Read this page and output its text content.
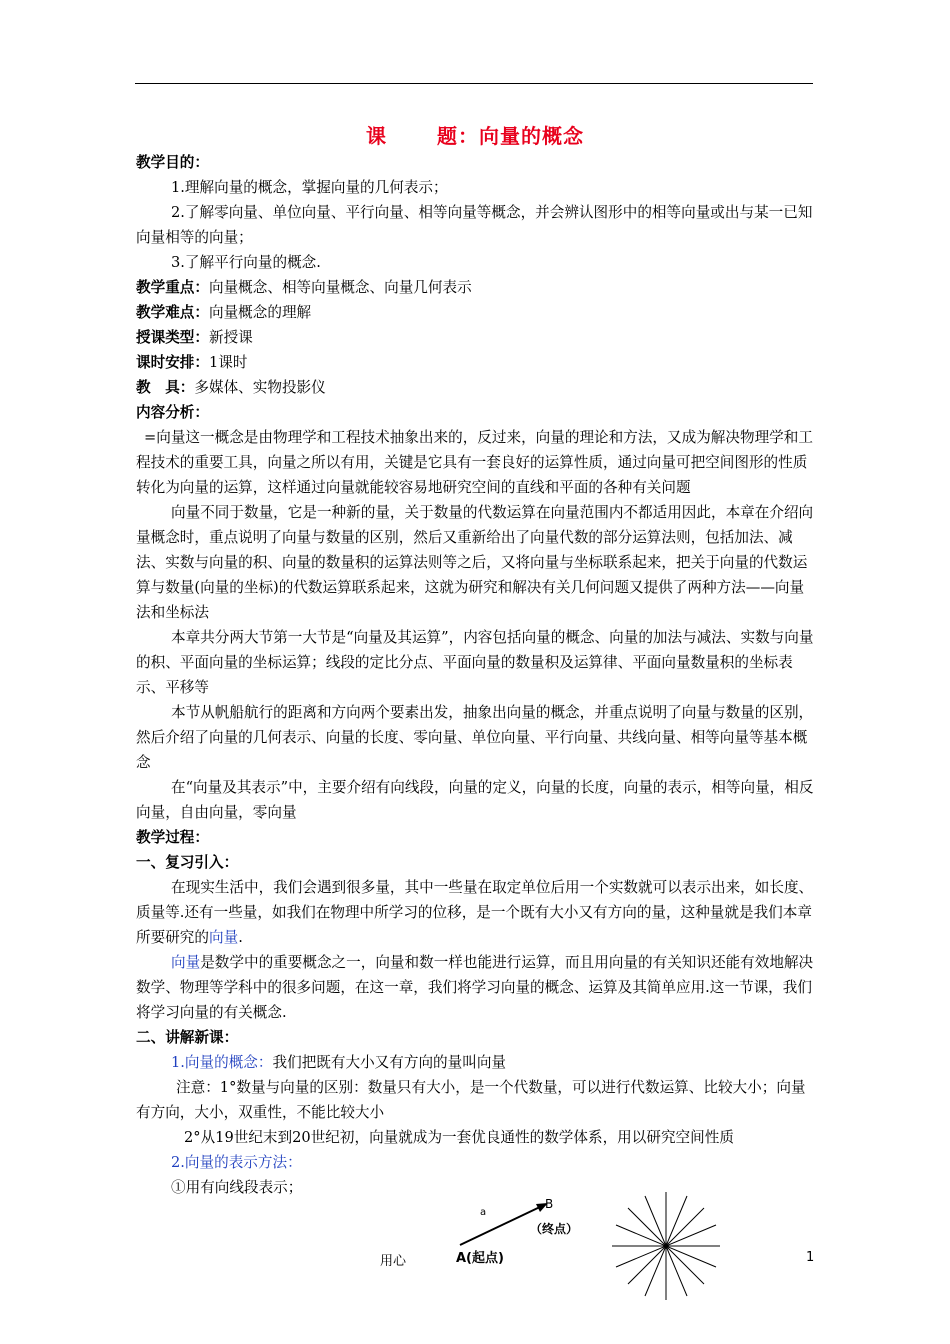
课	题：向量的概念

教学目的：

1.理解向量的概念，掌握向量的几何表示；

2.了解零向量、单位向量、平行向量、相等向量等概念，并会辨认图形中的相等向量或出与某一已知向量相等的向量；

3.了解平行向量的概念.

教学重点：向量概念、相等向量概念、向量几何表示

教学难点：向量概念的理解

授课类型：新授课

课时安排：1课时

教　具：多媒体、实物投影仪

内容分析：

=向量这一概念是由物理学和工程技术抽象出来的，反过来，向量的理论和方法，又成为解决物理学和工程技术的重要工具，向量之所以有用，关键是它具有一套良好的运算性质，通过向量可把空间图形的性质转化为向量的运算，这样通过向量就能较容易地研究空间的直线和平面的各种有关问题

向量不同于数量，它是一种新的量，关于数量的代数运算在向量范围内不都适用因此，本章在介绍向量概念时，重点说明了向量与数量的区别，然后又重新给出了向量代数的部分运算法则，包括加法、减法、实数与向量的积、向量的数量积的运算法则等之后，又将向量与坐标联系起来，把关于向量的代数运算与数量(向量的坐标)的代数运算联系起来，这就为研究和解决有关几何问题又提供了两种方法——向量法和坐标法

本章共分两大节第一大节是“向量及其运算”，内容包括向量的概念、向量的加法与减法、实数与向量的积、平面向量的坐标运算；线段的定比分点、平面向量的数量积及运算律、平面向量数量积的坐标表示、平移等

本节从帆船航行的距离和方向两个要素出发，抽象出向量的概念，并重点说明了向量与数量的区别，然后介绍了向量的几何表示、向量的长度、零向量、单位向量、平行向量、共线向量、相等向量等基本概念

在“向量及其表示”中，主要介绍有向线段，向量的定义，向量的长度，向量的表示，相等向量，相反向量，自由向量，零向量

教学过程：

一、复习引入：

在现实生活中，我们会遇到很多量，其中一些量在取定单位后用一个实数就可以表示出来，如长度、质量等.还有一些量，如我们在物理中所学习的位移，是一个既有大小又有方向的量，这种量就是我们本章所要研究的向量.

向量是数学中的重要概念之一，向量和数一样也能进行运算，而且用向量的有关知识还能有效地解决数学、物理等学科中的很多问题，在这一章，我们将学习向量的概念、运算及其简单应用.这一节课，我们将学习向量的有关概念.

二、讲解新课：

1.向量的概念：我们把既有大小又有方向的量叫向量

注意：1°数量与向量的区别：数量只有大小，是一个代数量，可以进行代数运算、比较大小；向量有方向，大小，双重性，不能比较大小

2°从19世纪末到20世纪初，向量就成为一套优良通性的数学体系，用以研究空间性质

2.向量的表示方法：

①用有向线段表示；

a
B
（终点）
A(起点)
用心　	1
